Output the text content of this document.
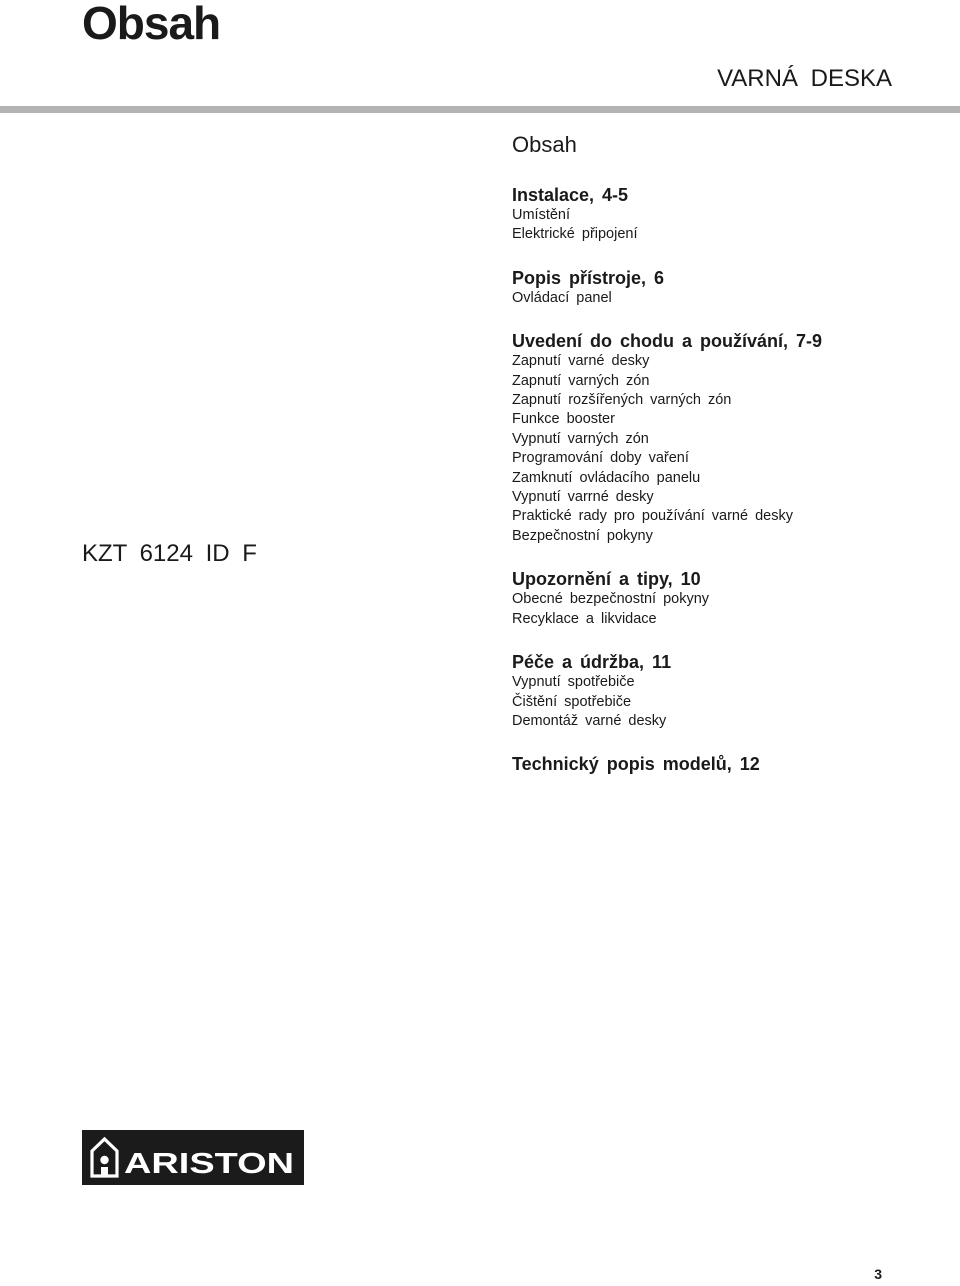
Obsah
VARNÁ DESKA
KZT 6124 ID F
Obsah
Instalace, 4-5
Umístění
Elektrické připojení
Popis přístroje, 6
Ovládací panel
Uvedení do chodu a používání, 7-9
Zapnutí varné desky
Zapnutí varných zón
Zapnutí rozšířených varných zón
Funkce booster
Vypnutí varných zón
Programování doby vaření
Zamknutí ovládacího panelu
Vypnutí varrné desky
Praktické rady pro používání varné desky
Bezpečnostní pokyny
Upozornění a tipy, 10
Obecné bezpečnostní pokyny
Recyklace a likvidace
Péče a údržba, 11
Vypnutí spotřebiče
Čištění spotřebiče
Demontáž varné desky
Technický popis modelů, 12
ARISTON
3
